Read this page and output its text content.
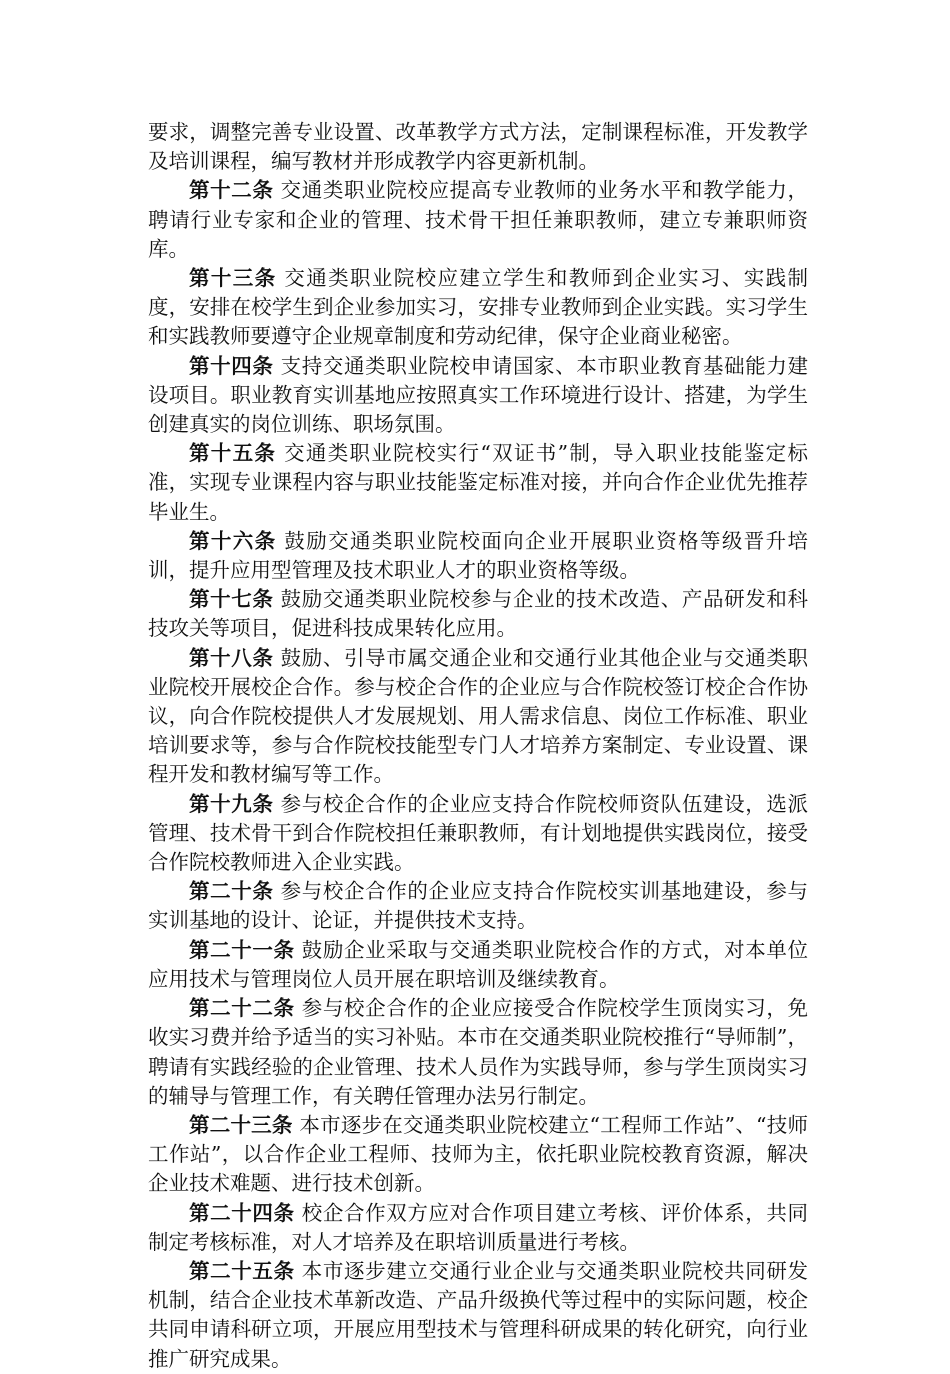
要求，调整完善专业设置、改革教学方式方法，定制课程标准，开发教学及培训课程，编写教材并形成教学内容更新机制。

第十二条 交通类职业院校应提高专业教师的业务水平和教学能力，聘请行业专家和企业的管理、技术骨干担任兼职教师，建立专兼职师资库。

第十三条 交通类职业院校应建立学生和教师到企业实习、实践制度，安排在校学生到企业参加实习，安排专业教师到企业实践。实习学生和实践教师要遵守企业规章制度和劳动纪律，保守企业商业秘密。

第十四条 支持交通类职业院校申请国家、本市职业教育基础能力建设项目。职业教育实训基地应按照真实工作环境进行设计、搭建，为学生创建真实的岗位训练、职场氛围。

第十五条 交通类职业院校实行“双证书”制，导入职业技能鉴定标准，实现专业课程内容与职业技能鉴定标准对接，并向合作企业优先推荐毕业生。

第十六条 鼓励交通类职业院校面向企业开展职业资格等级晋升培训，提升应用型管理及技术职业人才的职业资格等级。

第十七条 鼓励交通类职业院校参与企业的技术改造、产品研发和科技攻关等项目，促进科技成果转化应用。

第十八条 鼓励、引导市属交通企业和交通行业其他企业与交通类职业院校开展校企合作。参与校企合作的企业应与合作院校签订校企合作协议，向合作院校提供人才发展规划、用人需求信息、岗位工作标准、职业培训要求等，参与合作院校技能型专门人才培养方案制定、专业设置、课程开发和教材编写等工作。

第十九条 参与校企合作的企业应支持合作院校师资队伍建设，选派管理、技术骨干到合作院校担任兼职教师，有计划地提供实践岗位，接受合作院校教师进入企业实践。

第二十条 参与校企合作的企业应支持合作院校实训基地建设，参与实训基地的设计、论证，并提供技术支持。

第二十一条 鼓励企业采取与交通类职业院校合作的方式，对本单位应用技术与管理岗位人员开展在职培训及继续教育。

第二十二条 参与校企合作的企业应接受合作院校学生顶岗实习，免收实习费并给予适当的实习补贴。本市在交通类职业院校推行“导师制”，聘请有实践经验的企业管理、技术人员作为实践导师，参与学生顶岗实习的辅导与管理工作，有关聘任管理办法另行制定。

第二十三条 本市逐步在交通类职业院校建立“工程师工作站”、“技师工作站”，以合作企业工程师、技师为主，依托职业院校教育资源，解决企业技术难题、进行技术创新。

第二十四条 校企合作双方应对合作项目建立考核、评价体系，共同制定考核标准，对人才培养及在职培训质量进行考核。

第二十五条 本市逐步建立交通行业企业与交通类职业院校共同研发机制，结合企业技术革新改造、产品升级换代等过程中的实际问题，校企共同申请科研立项，开展应用型技术与管理科研成果的转化研究，向行业推广研究成果。
